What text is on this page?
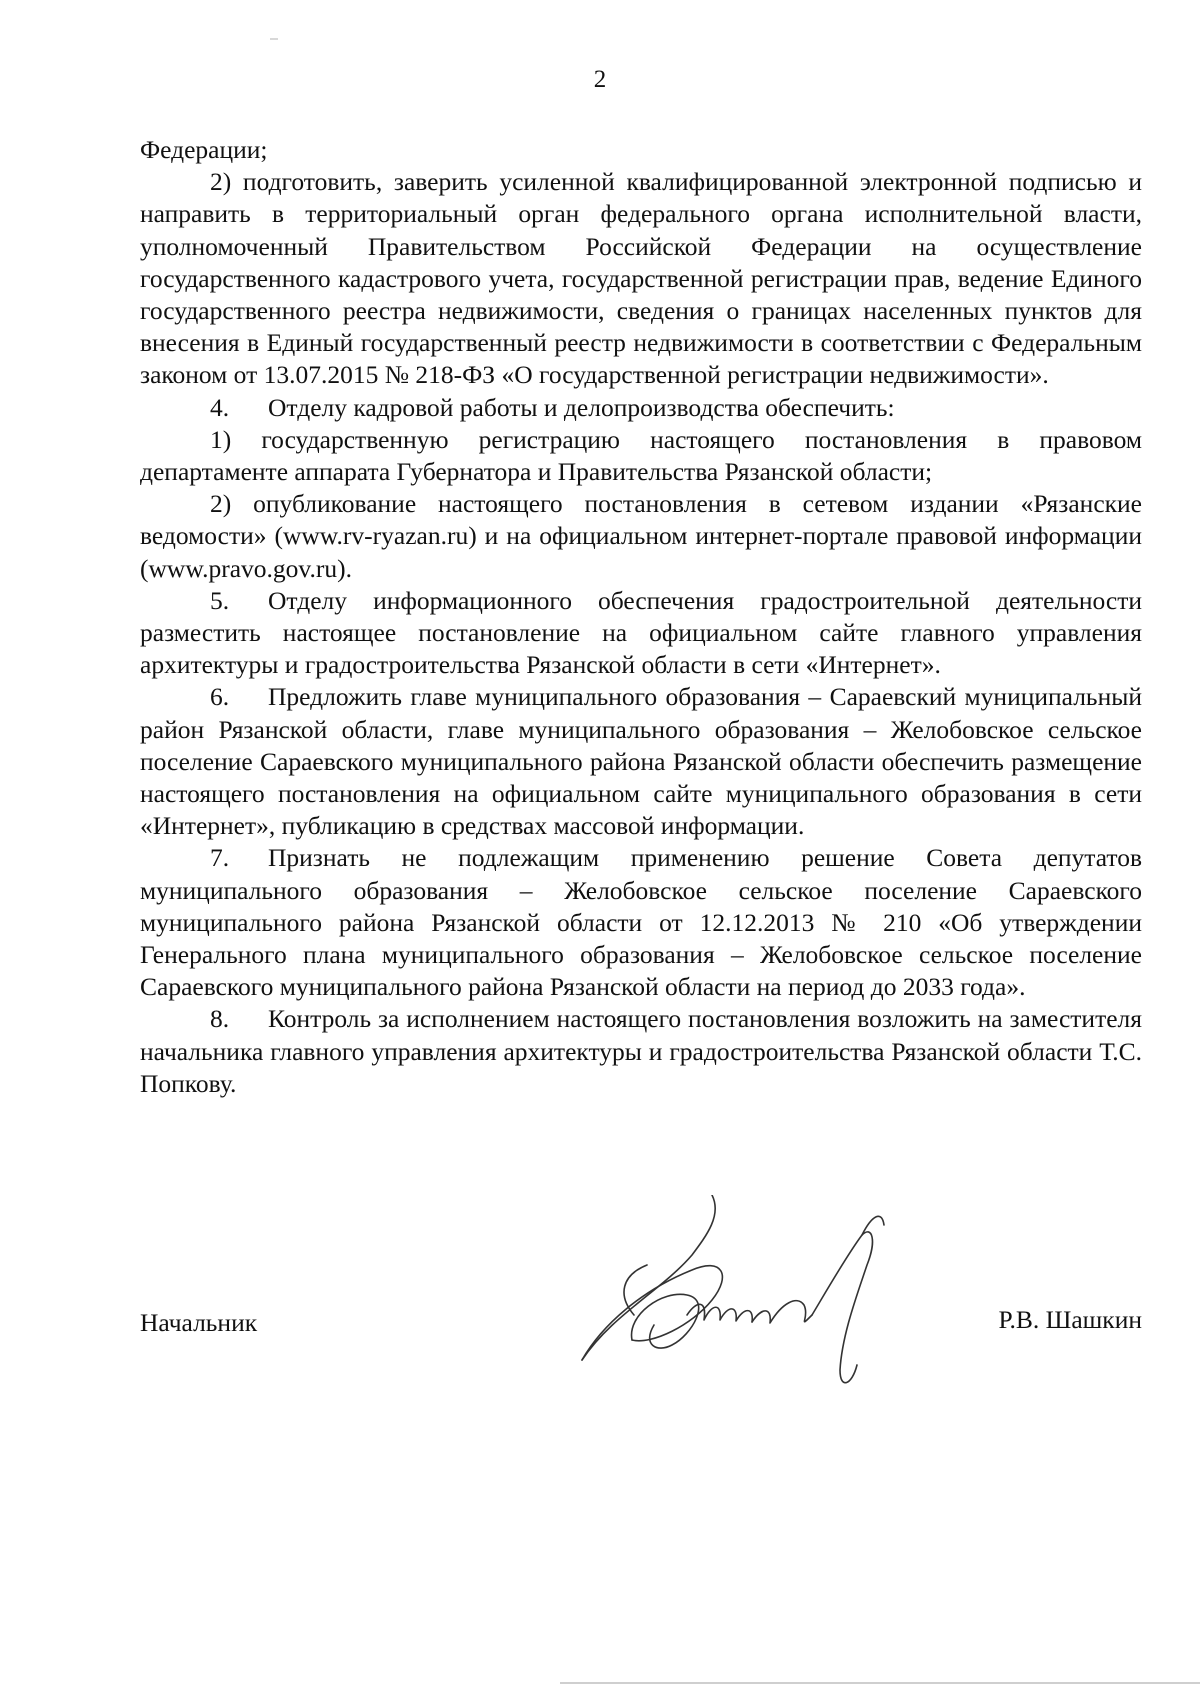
2

Федерации;

2) подготовить, заверить усиленной квалифицированной электронной подписью и направить в территориальный орган федерального органа исполнительной власти, уполномоченный Правительством Российской Федерации на осуществление государственного кадастрового учета, государственной регистрации прав, ведение Единого государственного реестра недвижимости, сведения о границах населенных пунктов для внесения в Единый государственный реестр недвижимости в соответствии с Федеральным законом от 13.07.2015 № 218-ФЗ «О государственной регистрации недвижимости».

4. Отделу кадровой работы и делопроизводства обеспечить:

1) государственную регистрацию настоящего постановления в правовом департаменте аппарата Губернатора и Правительства Рязанской области;

2) опубликование настоящего постановления в сетевом издании «Рязанские ведомости» (www.rv-ryazan.ru) и на официальном интернет-портале правовой информации (www.pravo.gov.ru).

5. Отделу информационного обеспечения градостроительной деятельности разместить настоящее постановление на официальном сайте главного управления архитектуры и градостроительства Рязанской области в сети «Интернет».

6. Предложить главе муниципального образования – Сараевский муниципальный район Рязанской области, главе муниципального образования – Желобовское сельское поселение Сараевского муниципального района Рязанской области обеспечить размещение настоящего постановления на официальном сайте муниципального образования в сети «Интернет», публикацию в средствах массовой информации.

7. Признать не подлежащим применению решение Совета депутатов муниципального образования – Желобовское сельское поселение Сараевского муниципального района Рязанской области от 12.12.2013 № 210 «Об утверждении Генерального плана муниципального образования – Желобовское сельское поселение Сараевского муниципального района Рязанской области на период до 2033 года».

8. Контроль за исполнением настоящего постановления возложить на заместителя начальника главного управления архитектуры и градостроительства Рязанской области Т.С. Попкову.

Начальник	Р.В. Шашкин
